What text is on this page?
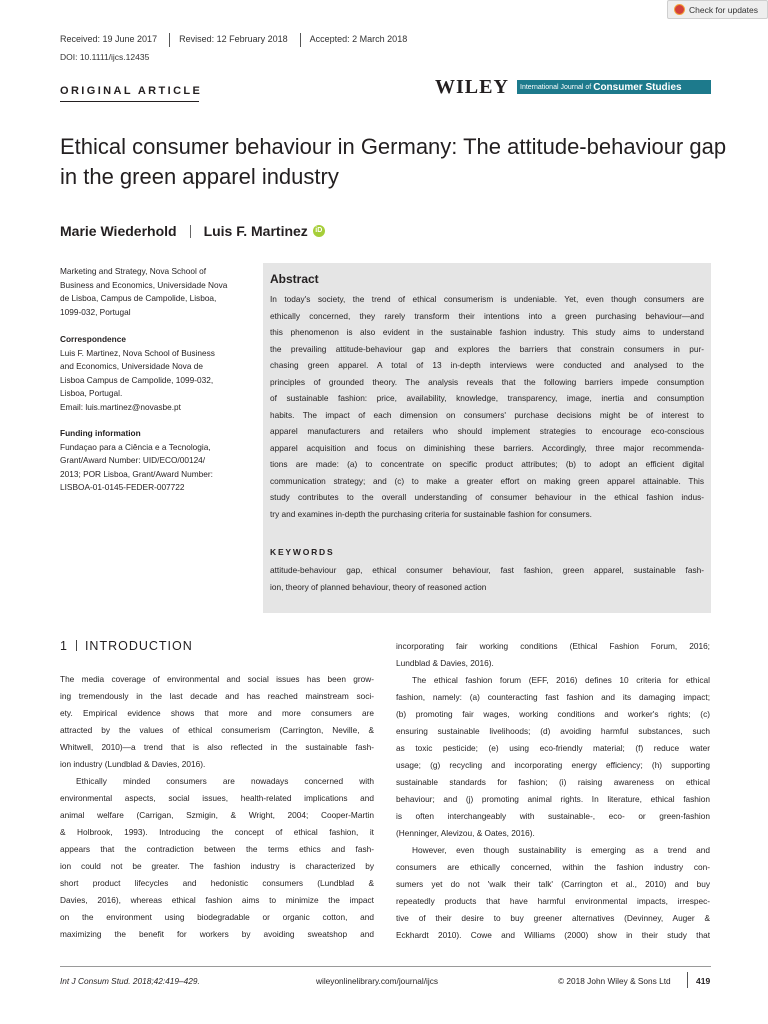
Check for updates
Received: 19 June 2017 Revised: 12 February 2018 Accepted: 2 March 2018
DOI: 10.1111/ijcs.12435
ORIGINAL ARTICLE	WILEY International Journal of Consumer Studies
Ethical consumer behaviour in Germany: The attitude-behaviour gap in the green apparel industry
Marie Wiederhold Luis F. Martinez	iD
Marketing and Strategy, Nova School of
Business and Economics, Universidade Nova
de Lisboa, Campus de Campolide, Lisboa,
1099-032, Portugal
Correspondence
Luis F. Martinez, Nova School of Business
and Economics, Universidade Nova de
Lisboa Campus de Campolide, 1099-032,
Lisboa, Portugal.
Email: luis.martinez@novasbe.pt
Funding information
Fundaçao para a Ciência e a Tecnologia,
Grant/Award Number: UID/ECO/00124/
2013; POR Lisboa, Grant/Award Number:
LISBOA-01-0145-FEDER-007722
Abstract
In today's society, the trend of ethical consumerism is undeniable. Yet, even though consumers are
ethically concerned, they rarely transform their intentions into a green purchasing behaviour—and
this phenomenon is also evident in the sustainable fashion industry. This study aims to understand
the prevailing attitude-behaviour gap and explores the barriers that constrain consumers in pur-
chasing green apparel. A total of 13 in-depth interviews were conducted and analysed to the
principles of grounded theory. The analysis reveals that the following barriers impede consumption
of sustainable fashion: price, availability, knowledge, transparency, image, inertia and consumption
habits. The impact of each dimension on consumers' purchase decisions might be of interest to
apparel manufacturers and retailers who should implement strategies to encourage eco-conscious
apparel acquisition and focus on diminishing these barriers. Accordingly, three major recommenda-
tions are made: (a) to concentrate on specific product attributes; (b) to adopt an efficient digital
communication strategy; and (c) to make a greater effort on making green apparel attainable. This
study contributes to the overall understanding of consumer behaviour in the ethical fashion indus-
try and examines in-depth the purchasing criteria for sustainable fashion for consumers.
KEYWORDS
attitude-behaviour gap, ethical consumer behaviour, fast fashion, green apparel, sustainable fash-
ion, theory of planned behaviour, theory of reasoned action
1 INTRODUCTION
The media coverage of environmental and social issues has been grow-
ing tremendously in the last decade and has reached mainstream soci-
ety. Empirical evidence shows that more and more consumers are
attracted by the values of ethical consumerism (Carrington, Neville, &
Whitwell, 2010)—a trend that is also reflected in the sustainable fash-
ion industry (Lundblad & Davies, 2016).
Ethically minded consumers are nowadays concerned with
environmental aspects, social issues, health-related implications and
animal welfare (Carrigan, Szmigin, & Wright, 2004; Cooper-Martin
& Holbrook, 1993). Introducing the concept of ethical fashion, it
appears that the contradiction between the terms ethics and fash-
ion could not be greater. The fashion industry is characterized by
short product lifecycles and hedonistic consumers (Lundblad &
Davies, 2016), whereas ethical fashion aims to minimize the impact
on the environment using biodegradable or organic cotton, and
maximizing the benefit for workers by avoiding sweatshop and
incorporating fair working conditions (Ethical Fashion Forum, 2016;
Lundblad & Davies, 2016).
The ethical fashion forum (EFF, 2016) defines 10 criteria for ethical
fashion, namely: (a) counteracting fast fashion and its damaging impact;
(b) promoting fair wages, working conditions and worker's rights; (c)
ensuring sustainable livelihoods; (d) avoiding harmful substances, such
as toxic pesticide; (e) using eco-friendly material; (f) reduce water
usage; (g) recycling and incorporating energy efficiency; (h) supporting
sustainable standards for fashion; (i) raising awareness on ethical
behaviour; and (j) promoting animal rights. In literature, ethical fashion
is often interchangeably with sustainable-, eco- or green-fashion
(Henninger, Alevizou, & Oates, 2016).
However, even though sustainability is emerging as a trend and
consumers are ethically concerned, within the fashion industry con-
sumers yet do not 'walk their talk' (Carrington et al., 2010) and buy
repeatedly products that have harmful environmental impacts, irrespec-
tive of their desire to buy greener alternatives (Devinney, Auger &
Eckhardt 2010). Cowe and Williams (2000) show in their study that
Int J Consum Stud. 2018;42:419–429.	wileyonlinelibrary.com/journal/ijcs	© 2018 John Wiley & Sons Ltd	419
